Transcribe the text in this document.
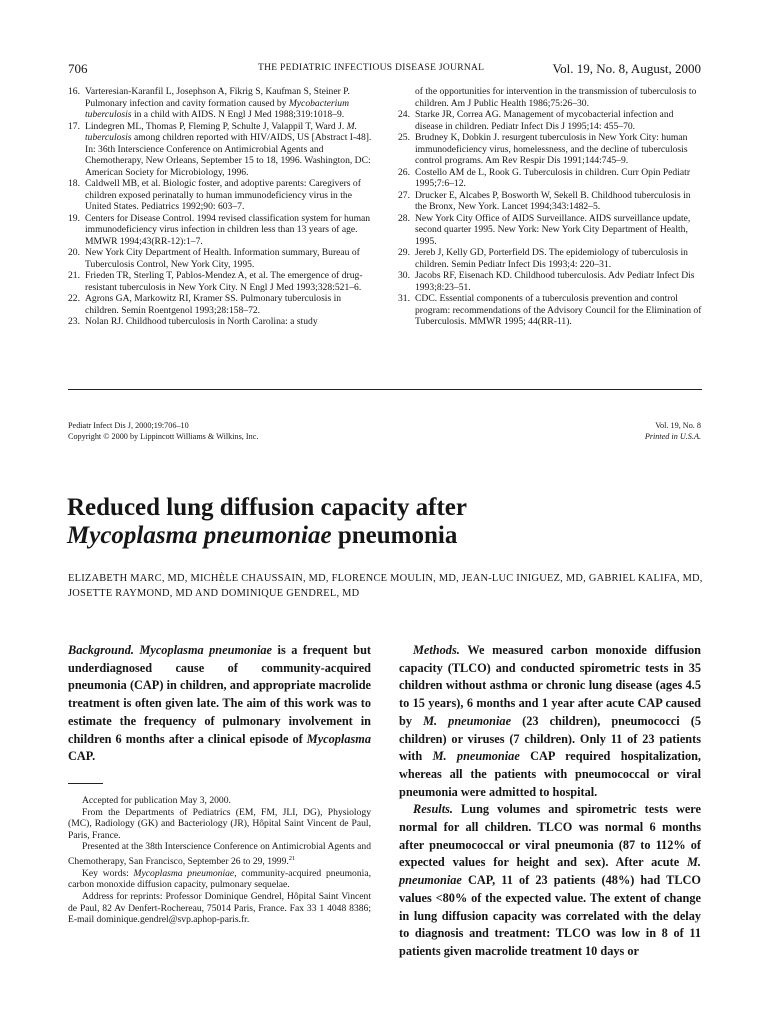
706	THE PEDIATRIC INFECTIOUS DISEASE JOURNAL	Vol. 19, No. 8, August, 2000

16. Varteresian-Karanfil L, Josephson A, Fikrig S, Kaufman S, Steiner P. Pulmonary infection and cavity formation caused by Mycobacterium tuberculosis in a child with AIDS. N Engl J Med 1988;319:1018–9.

17. Lindegren ML, Thomas P, Fleming P, Schulte J, Valappil T, Ward J. M. tuberculosis among children reported with HIV/AIDS, US [Abstract I-48]. In: 36th Interscience Conference on Antimicrobial Agents and Chemotherapy, New Orleans, September 15 to 18, 1996. Washington, DC: American Society for Microbiology, 1996.

18. Caldwell MB, et al. Biologic foster, and adoptive parents: Caregivers of children exposed perinatally to human immunodeficiency virus in the United States. Pediatrics 1992;90: 603–7.

19. Centers for Disease Control. 1994 revised classification system for human immunodeficiency virus infection in children less than 13 years of age. MMWR 1994;43(RR-12):1–7.

20. New York City Department of Health. Information summary, Bureau of Tuberculosis Control, New York City, 1995.

21. Frieden TR, Sterling T, Pablos-Mendez A, et al. The emergence of drug-resistant tuberculosis in New York City. N Engl J Med 1993;328:521–6.

22. Agrons GA, Markowitz RI, Kramer SS. Pulmonary tuberculosis in children. Semin Roentgenol 1993;28:158–72.

23. Nolan RJ. Childhood tuberculosis in North Carolina: a study

of the opportunities for intervention in the transmission of tuberculosis to children. Am J Public Health 1986;75:26–30.

24. Starke JR, Correa AG. Management of mycobacterial infection and disease in children. Pediatr Infect Dis J 1995;14: 455–70.

25. Brudney K, Dobkin J. resurgent tuberculosis in New York City: human immunodeficiency virus, homelessness, and the decline of tuberculosis control programs. Am Rev Respir Dis 1991;144:745–9.

26. Costello AM de L, Rook G. Tuberculosis in children. Curr Opin Pediatr 1995;7:6–12.

27. Drucker E, Alcabes P, Bosworth W, Sekell B. Childhood tuberculosis in the Bronx, New York. Lancet 1994;343:1482–5.

28. New York City Office of AIDS Surveillance. AIDS surveillance update, second quarter 1995. New York: New York City Department of Health, 1995.

29. Jereb J, Kelly GD, Porterfield DS. The epidemiology of tuberculosis in children. Semin Pediatr Infect Dis 1993;4: 220–31.

30. Jacobs RF, Eisenach KD. Childhood tuberculosis. Adv Pediatr Infect Dis 1993;8:23–51.

31. CDC. Essential components of a tuberculosis prevention and control program: recommendations of the Advisory Council for the Elimination of Tuberculosis. MMWR 1995; 44(RR-11).

Pediatr Infect Dis J, 2000;19:706–10
Copyright © 2000 by Lippincott Williams & Wilkins, Inc.
Vol. 19, No. 8
Printed in U.S.A.
Reduced lung diffusion capacity after
Mycoplasma pneumoniae pneumonia
ELIZABETH MARC, MD, MICHÈLE CHAUSSAIN, MD, FLORENCE MOULIN, MD, JEAN-LUC INIGUEZ, MD, GABRIEL KALIFA, MD, JOSETTE RAYMOND, MD AND DOMINIQUE GENDREL, MD
Background. Mycoplasma pneumoniae is a frequent but underdiagnosed cause of community-acquired pneumonia (CAP) in children, and appropriate macrolide treatment is often given late. The aim of this work was to estimate the frequency of pulmonary involvement in children 6 months after a clinical episode of Mycoplasma CAP.
Methods. We measured carbon monoxide diffusion capacity (TLCO) and conducted spirometric tests in 35 children without asthma or chronic lung disease (ages 4.5 to 15 years), 6 months and 1 year after acute CAP caused by M. pneumoniae (23 children), pneumococci (5 children) or viruses (7 children). Only 11 of 23 patients with M. pneumoniae CAP required hospitalization, whereas all the patients with pneumococcal or viral pneumonia were admitted to hospital.
Results. Lung volumes and spirometric tests were normal for all children. TLCO was normal 6 months after pneumococcal or viral pneumonia (87 to 112% of expected values for height and sex). After acute M. pneumoniae CAP, 11 of 23 patients (48%) had TLCO values <80% of the expected value. The extent of change in lung diffusion capacity was correlated with the delay to diagnosis and treatment: TLCO was low in 8 of 11 patients given macrolide treatment 10 days or

Accepted for publication May 3, 2000.

From the Departments of Pediatrics (EM, FM, JLI, DG), Physiology (MC), Radiology (GK) and Bacteriology (JR), Hôpital Saint Vincent de Paul, Paris, France.

Presented at the 38th Interscience Conference on Antimicrobial Agents and Chemotherapy, San Francisco, September 26 to 29, 1999.21

Key words: Mycoplasma pneumoniae, community-acquired pneumonia, carbon monoxide diffusion capacity, pulmonary sequelae.

Address for reprints: Professor Dominique Gendrel, Hôpital Saint Vincent de Paul, 82 Av Denfert-Rochereau, 75014 Paris, France. Fax 33 1 4048 8386; E-mail dominique.gendrel@svp.aphop-paris.fr.
